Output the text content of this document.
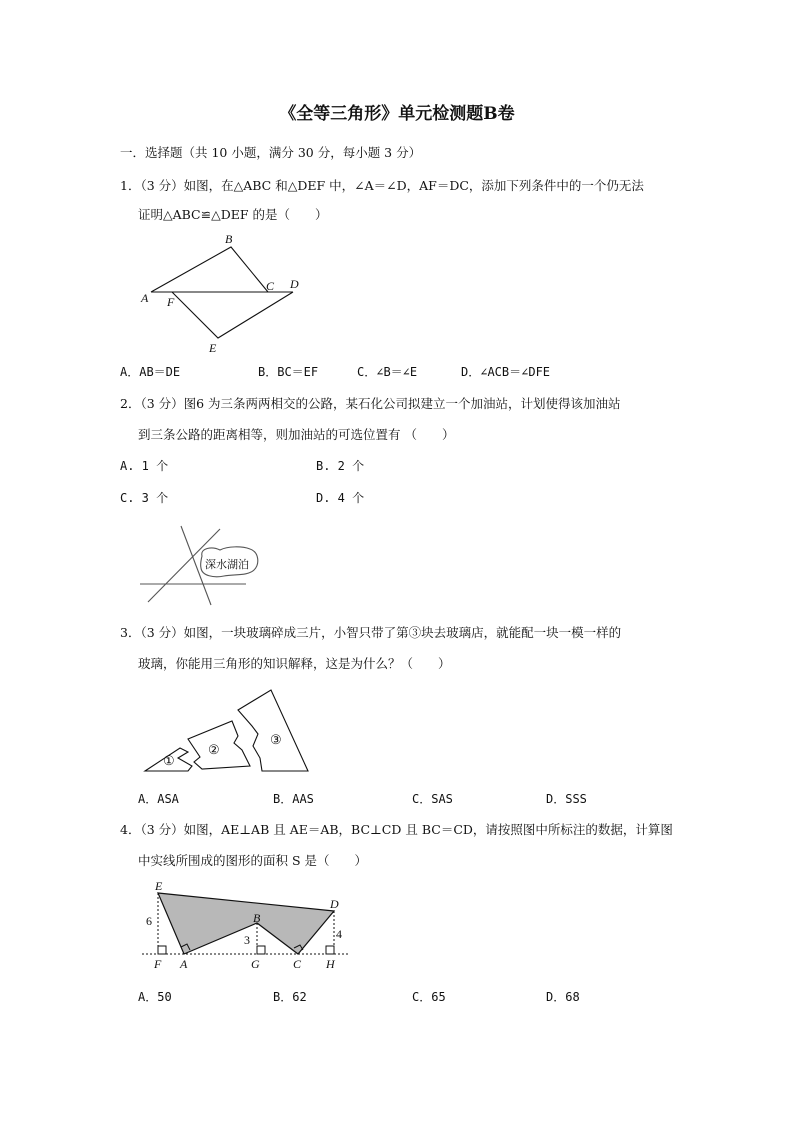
《全等三角形》单元检测题B卷
一．选择题（共 10 小题，满分 30 分，每小题 3 分）
1．（3 分）如图，在△ABC 和△DEF 中，∠A＝∠D，AF＝DC，添加下列条件中的一个仍无法
证明△ABC≌△DEF 的是（　　）
A
B
C D
E
F
A．AB＝DE	B．BC＝EF	C．∠B＝∠E	D．∠ACB＝∠DFE
2．（3 分）图6 为三条两两相交的公路，某石化公司拟建立一个加油站，计划使得该加油站
到三条公路的距离相等，则加油站的可选位置有 （　　）
A. 1 个	B. 2 个
C. 3 个	D. 4 个
深水湖泊
3．（3 分）如图，一块玻璃碎成三片，小智只带了第③块去玻璃店，就能配一块一模一样的
玻璃，你能用三角形的知识解释，这是为什么？（　　）
①
②
③
A．ASA	B．AAS	C．SAS	D．SSS
4．（3 分）如图，AE⊥AB 且 AE＝AB，BC⊥CD 且 BC＝CD，请按照图中所标注的数据，计算图
中实线所围成的图形的面积 S 是（　　）
E
D
B
F A	G	C H
6
3	4
A．50	B．62	C．65	D．68
